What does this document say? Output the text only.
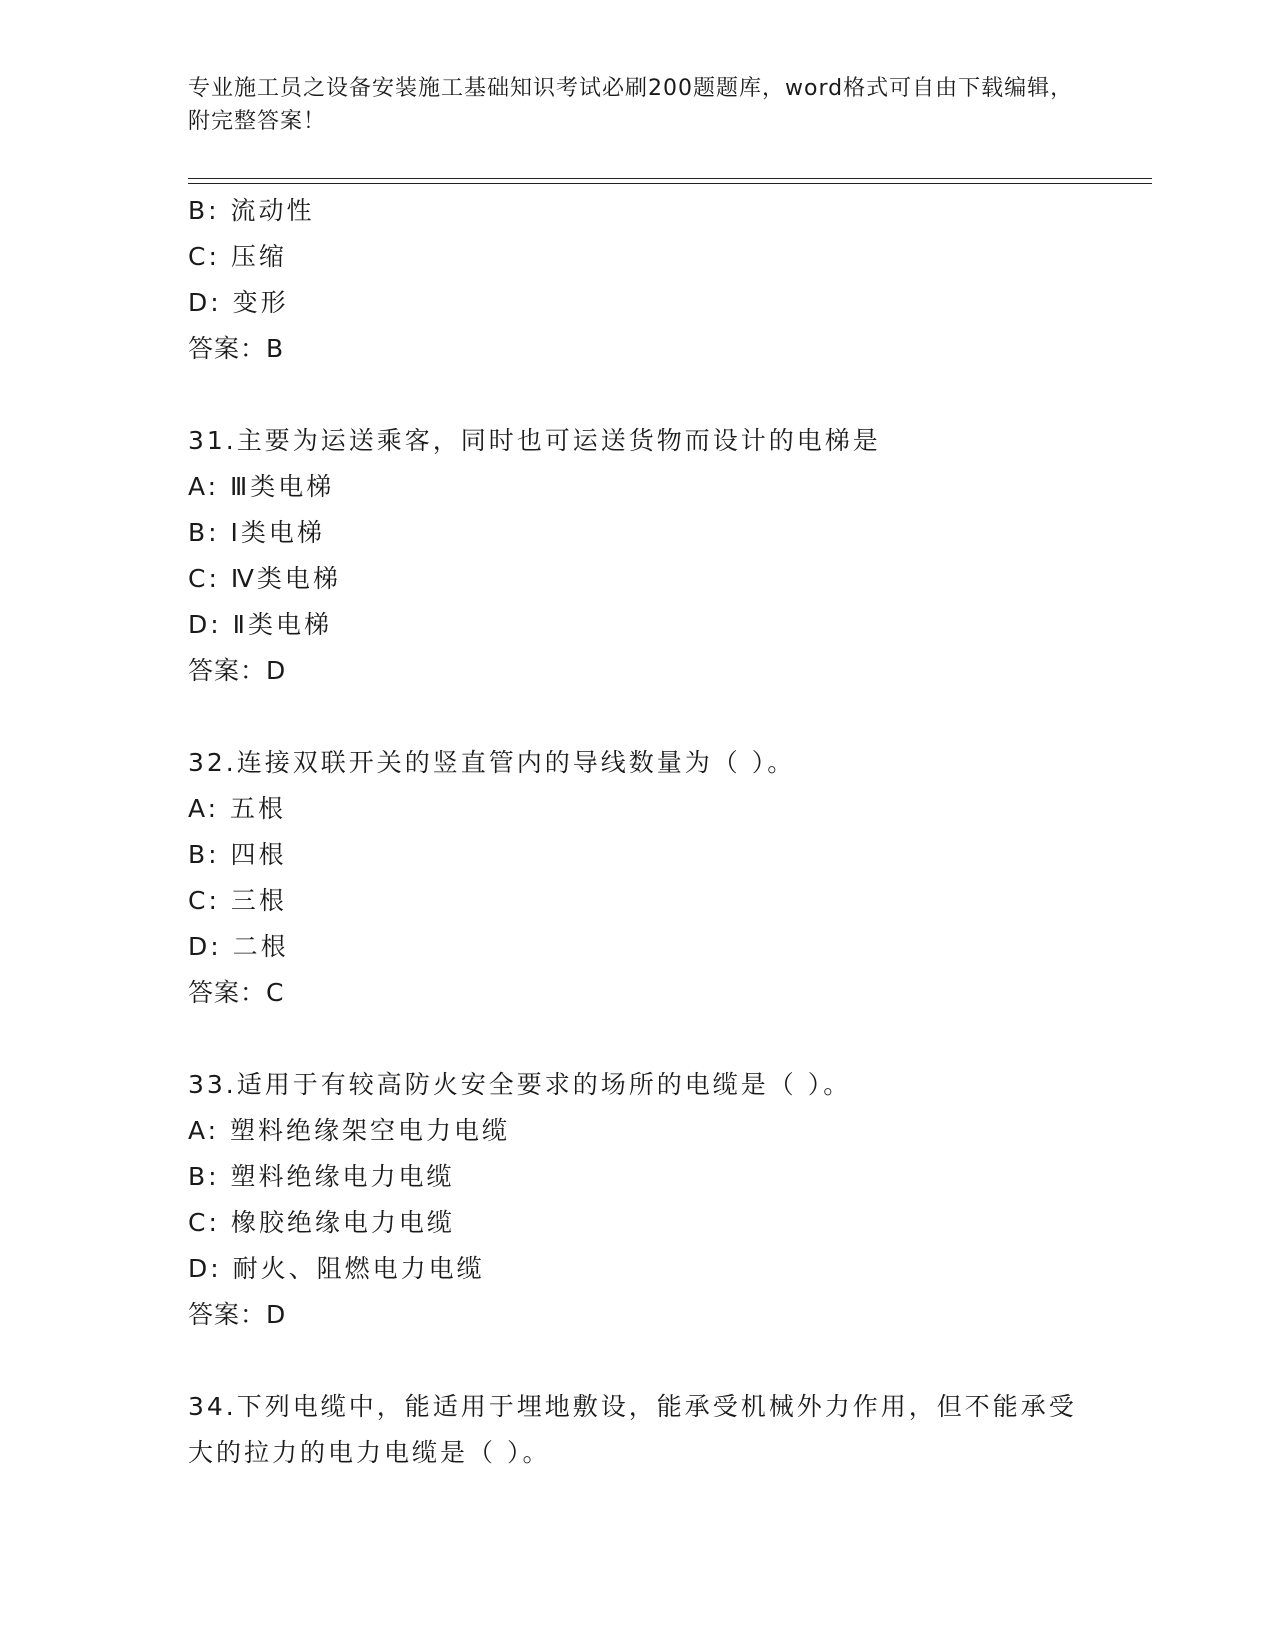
专业施工员之设备安装施工基础知识考试必刷200题题库，word格式可自由下载编辑，附完整答案！
B: 流动性
C: 压缩
D: 变形
答案：B
31.主要为运送乘客，同时也可运送货物而设计的电梯是
A: Ⅲ类电梯
B: Ⅰ类电梯
C: Ⅳ类电梯
D: Ⅱ类电梯
答案：D
32.连接双联开关的竖直管内的导线数量为（ ）。
A: 五根
B: 四根
C: 三根
D: 二根
答案：C
33.适用于有较高防火安全要求的场所的电缆是（ ）。
A: 塑料绝缘架空电力电缆
B: 塑料绝缘电力电缆
C: 橡胶绝缘电力电缆
D: 耐火、阻燃电力电缆
答案：D
34.下列电缆中，能适用于埋地敷设，能承受机械外力作用，但不能承受大的拉力的电力电缆是（ ）。
